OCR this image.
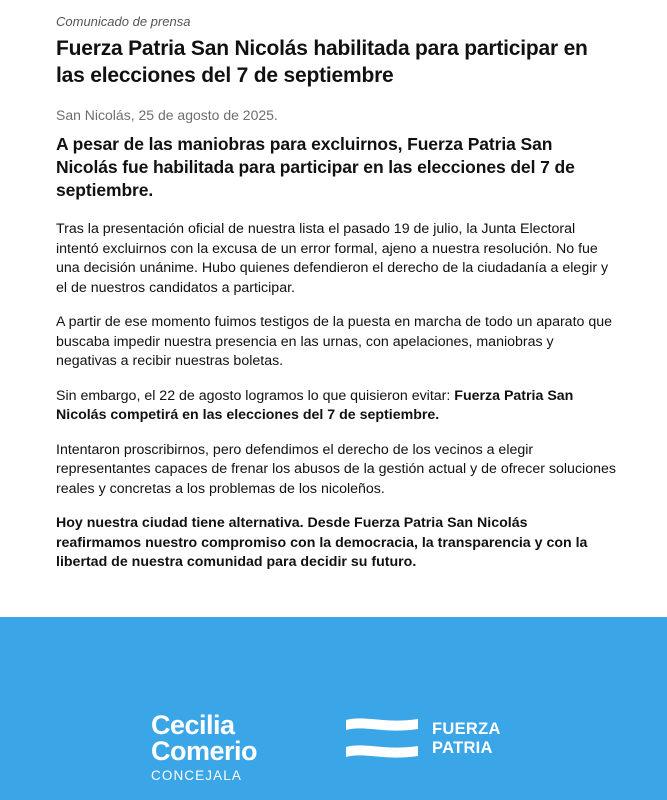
Comunicado de prensa

Fuerza Patria San Nicolás habilitada para participar en las elecciones del 7 de septiembre

San Nicolás, 25 de agosto de 2025.

A pesar de las maniobras para excluirnos, Fuerza Patria San Nicolás fue habilitada para participar en las elecciones del 7 de septiembre.

Tras la presentación oficial de nuestra lista el pasado 19 de julio, la Junta Electoral intentó excluirnos con la excusa de un error formal, ajeno a nuestra resolución. No fue una decisión unánime. Hubo quienes defendieron el derecho de la ciudadanía a elegir y el de nuestros candidatos a participar.

A partir de ese momento fuimos testigos de la puesta en marcha de todo un aparato que buscaba impedir nuestra presencia en las urnas, con apelaciones, maniobras y negativas a recibir nuestras boletas.

Sin embargo, el 22 de agosto logramos lo que quisieron evitar: Fuerza Patria San Nicolás competirá en las elecciones del 7 de septiembre.

Intentaron proscribirnos, pero defendimos el derecho de los vecinos a elegir representantes capaces de frenar los abusos de la gestión actual y de ofrecer soluciones reales y concretas a los problemas de los nicoleños.

Hoy nuestra ciudad tiene alternativa. Desde Fuerza Patria San Nicolás reafirmamos nuestro compromiso con la democracia, la transparencia y con la libertad de nuestra comunidad para decidir su futuro.

Cecilia
Comerio
CONCEJALA
FUERZA
PATRIA
